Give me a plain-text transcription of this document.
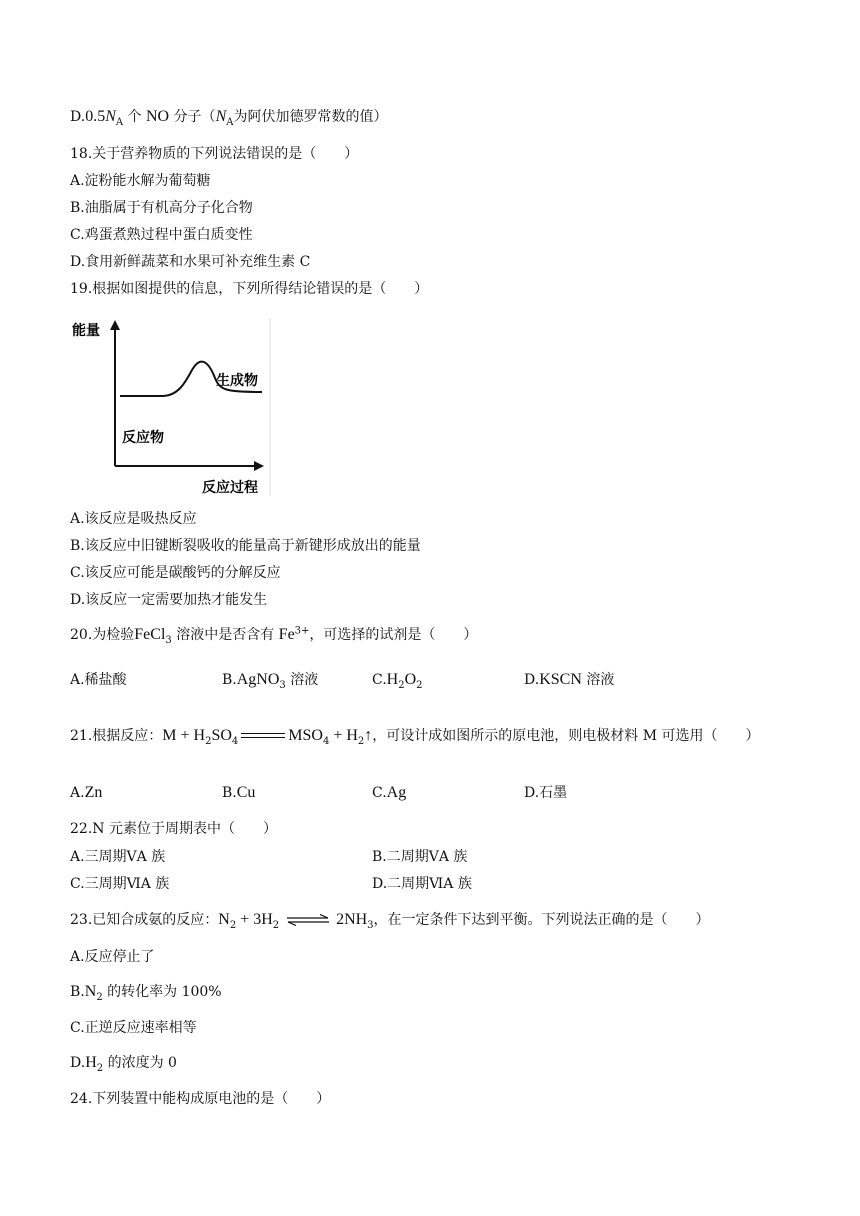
$D.0.5N_A$ 个 NO 分子（$N_A$为阿伏加德罗常数的值）
18.关于营养物质的下列说法错误的是（　　）
A.淀粉能水解为葡萄糖
B.油脂属于有机高分子化合物
C.鸡蛋煮熟过程中蛋白质变性
D.食用新鲜蔬菜和水果可补充维生素 C
19.根据如图提供的信息，下列所得结论错误的是（　　）
能量
生成物
反应物
反应过程
A.该反应是吸热反应
B.该反应中旧键断裂吸收的能量高于新键形成放出的能量
C.该反应可能是碳酸钙的分解反应
D.该反应一定需要加热才能发生
20.为检验FeCl$_3$ 溶液中是否含有 $Fe^{3+}$，可选择的试剂是（　　）
A.稀盐酸	B.AgNO$_3$ 溶液	$C.H_2O_2$	D.KSCN 溶液
21.根据反应：$M + H_2SO_4$	$MSO_4$ + $H_2↑$，可设计成如图所示的原电池，则电极材料 M 可选用（　　）
A.Zn	B.Cu	C.Ag	D.石墨
22.N 元素位于周期表中（　　）
A.三周期ⅤA 族	B.二周期ⅤA 族
C.三周期ⅥA 族	D.二周期ⅥA 族
23.已知合成氨的反应：$N_2 + 3H_2$ ⇌ $2NH_3$，在一定条件下达到平衡。下列说法正确的是（　　）
A.反应停止了
$B.N_2$ 的转化率为 100%
C.正逆反应速率相等
$D.H_2$ 的浓度为 0
24.下列装置中能构成原电池的是（　　）
